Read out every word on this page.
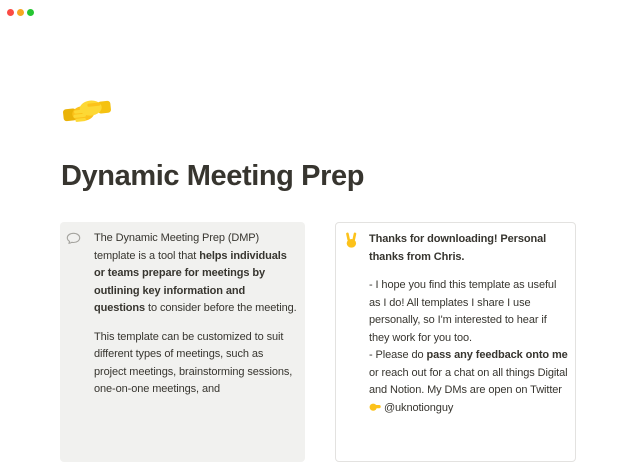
Dynamic Meeting Prep
The Dynamic Meeting Prep (DMP) template is a tool that helps individuals or teams prepare for meetings by outlining key information and questions to consider before the meeting.
This template can be customized to suit different types of meetings, such as project meetings, brainstorming sessions, one-on-one meetings, and
Thanks for downloading! Personal thanks from Chris.
- I hope you find this template as useful as I do! All templates I share I use personally, so I'm interested to hear if they work for you too.
- Please do pass any feedback onto me or reach out for a chat on all things Digital and Notion. My DMs are open on Twitter  @uknotionguy
